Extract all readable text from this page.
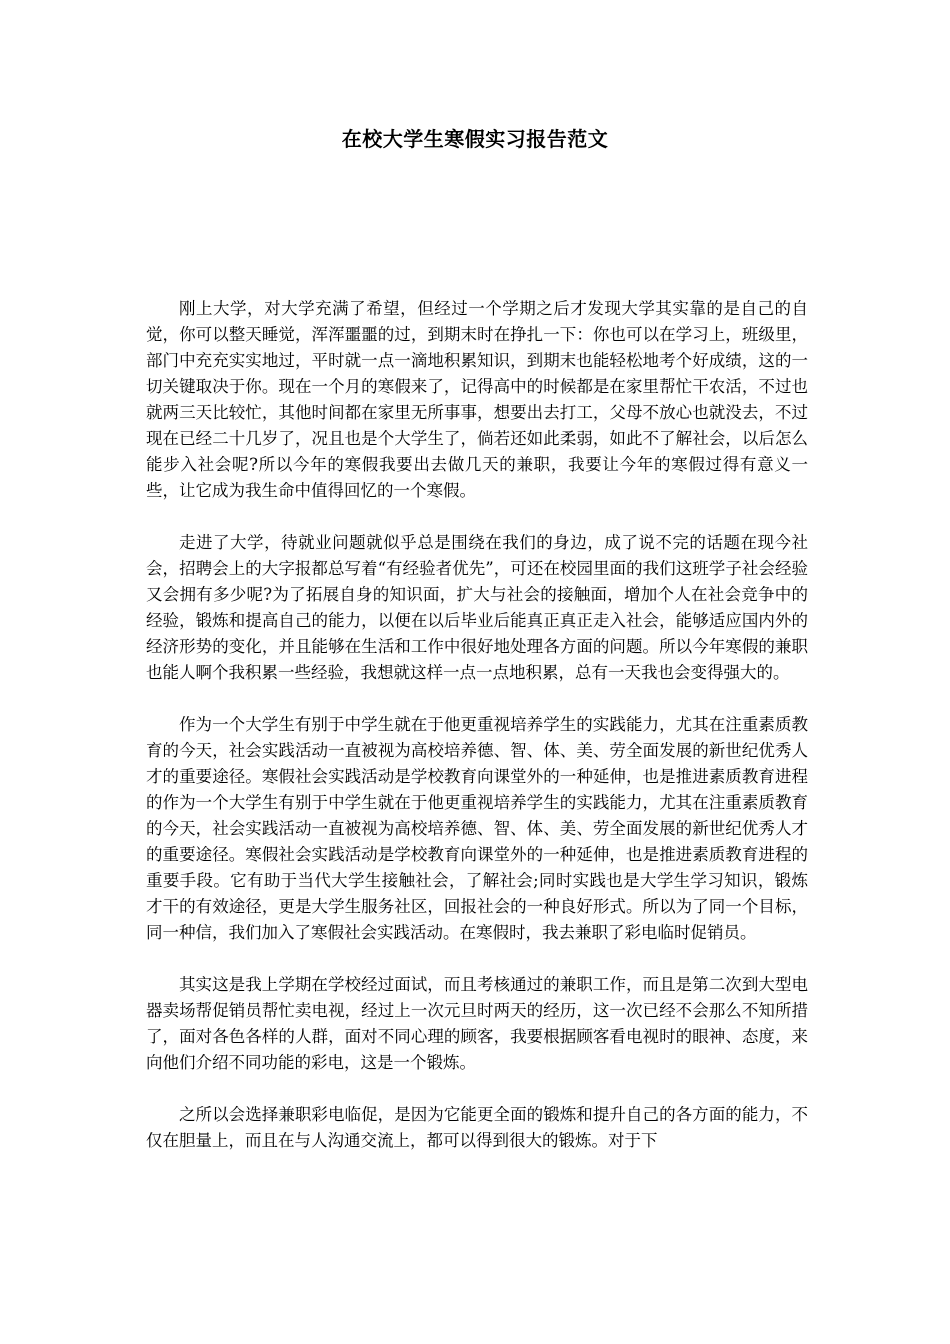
在校大学生寒假实习报告范文

刚上大学，对大学充满了希望，但经过一个学期之后才发现大学其实靠的是自己的自觉，你可以整天睡觉，浑浑噩噩的过，到期末时在挣扎一下：你也可以在学习上，班级里，部门中充充实实地过，平时就一点一滴地积累知识，到期末也能轻松地考个好成绩，这的一切关键取决于你。现在一个月的寒假来了，记得高中的时候都是在家里帮忙干农活，不过也就两三天比较忙，其他时间都在家里无所事事，想要出去打工，父母不放心也就没去，不过现在已经二十几岁了，况且也是个大学生了，倘若还如此柔弱，如此不了解社会，以后怎么能步入社会呢?所以今年的寒假我要出去做几天的兼职，我要让今年的寒假过得有意义一些，让它成为我生命中值得回忆的一个寒假。

走进了大学，待就业问题就似乎总是围绕在我们的身边，成了说不完的话题在现今社会，招聘会上的大字报都总写着“有经验者优先”，可还在校园里面的我们这班学子社会经验又会拥有多少呢?为了拓展自身的知识面，扩大与社会的接触面，增加个人在社会竞争中的经验，锻炼和提高自己的能力，以便在以后毕业后能真正真正走入社会，能够适应国内外的经济形势的变化，并且能够在生活和工作中很好地处理各方面的问题。所以今年寒假的兼职也能人啊个我积累一些经验，我想就这样一点一点地积累，总有一天我也会变得强大的。

作为一个大学生有别于中学生就在于他更重视培养学生的实践能力，尤其在注重素质教育的今天，社会实践活动一直被视为高校培养德、智、体、美、劳全面发展的新世纪优秀人才的重要途径。寒假社会实践活动是学校教育向课堂外的一种延伸，也是推进素质教育进程的作为一个大学生有别于中学生就在于他更重视培养学生的实践能力，尤其在注重素质教育的今天，社会实践活动一直被视为高校培养德、智、体、美、劳全面发展的新世纪优秀人才的重要途径。寒假社会实践活动是学校教育向课堂外的一种延伸，也是推进素质教育进程的重要手段。它有助于当代大学生接触社会，了解社会;同时实践也是大学生学习知识，锻炼才干的有效途径，更是大学生服务社区，回报社会的一种良好形式。所以为了同一个目标，同一种信，我们加入了寒假社会实践活动。在寒假时，我去兼职了彩电临时促销员。

其实这是我上学期在学校经过面试，而且考核通过的兼职工作，而且是第二次到大型电器卖场帮促销员帮忙卖电视，经过上一次元旦时两天的经历，这一次已经不会那么不知所措了，面对各色各样的人群，面对不同心理的顾客，我要根据顾客看电视时的眼神、态度，来向他们介绍不同功能的彩电，这是一个锻炼。

之所以会选择兼职彩电临促，是因为它能更全面的锻炼和提升自己的各方面的能力，不仅在胆量上，而且在与人沟通交流上，都可以得到很大的锻炼。对于下
